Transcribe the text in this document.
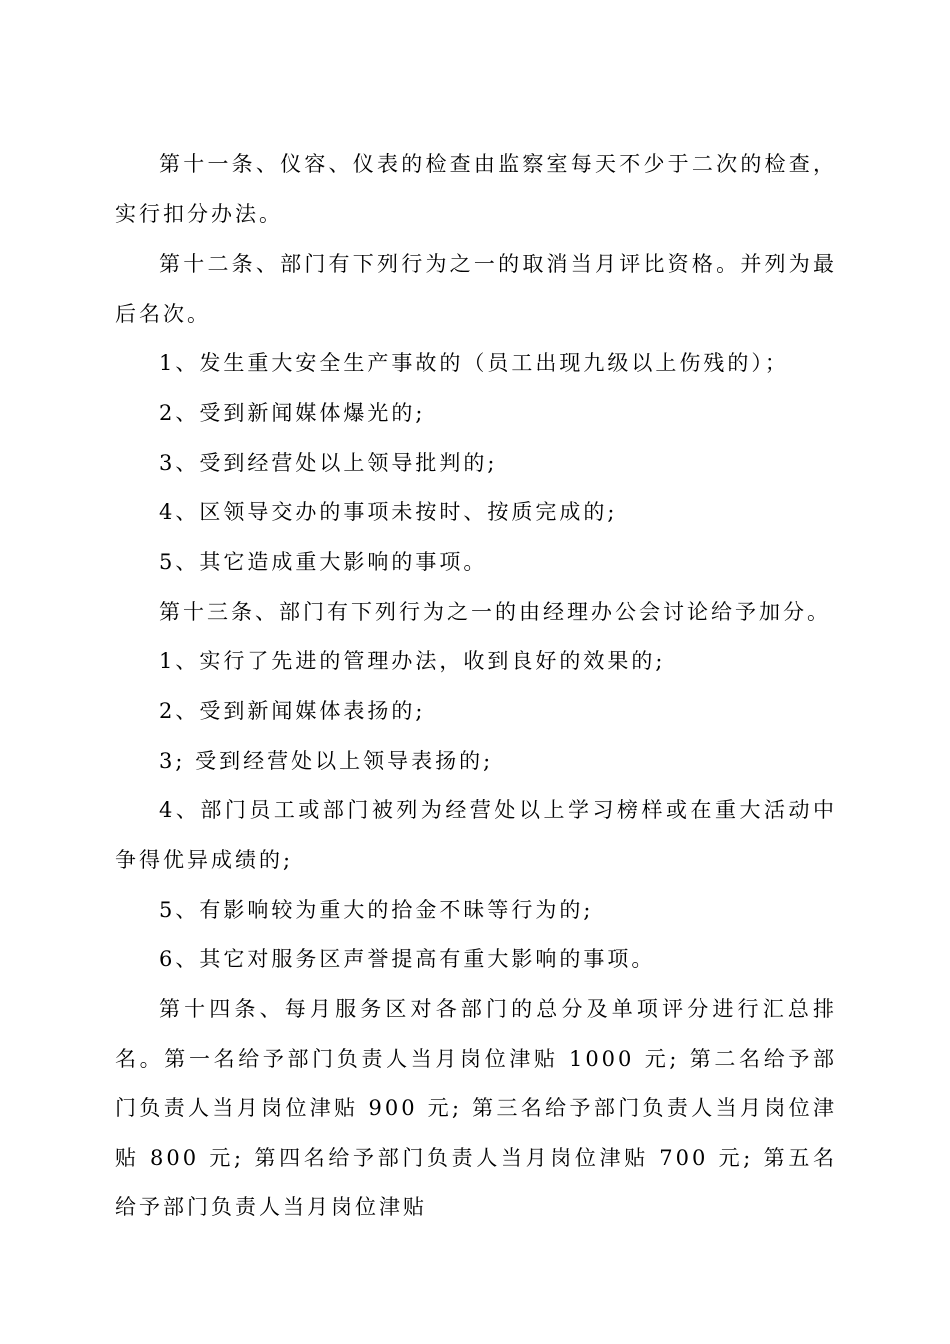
第十一条、仪容、仪表的检查由监察室每天不少于二次的检查，实行扣分办法。

第十二条、部门有下列行为之一的取消当月评比资格。并列为最后名次。

1、发生重大安全生产事故的（员工出现九级以上伤残的）；

2、受到新闻媒体爆光的;

3、受到经营处以上领导批判的;

4、区领导交办的事项未按时、按质完成的;

5、其它造成重大影响的事项。

第十三条、部门有下列行为之一的由经理办公会讨论给予加分。

1、实行了先进的管理办法，收到良好的效果的;

2、受到新闻媒体表扬的;

3; 受到经营处以上领导表扬的;

4、部门员工或部门被列为经营处以上学习榜样或在重大活动中争得优异成绩的;

5、有影响较为重大的拾金不昧等行为的;

6、其它对服务区声誉提高有重大影响的事项。

第十四条、每月服务区对各部门的总分及单项评分进行汇总排名。第一名给予部门负责人当月岗位津贴 1000 元; 第二名给予部门负责人当月岗位津贴 900 元; 第三名给予部门负责人当月岗位津贴 800 元; 第四名给予部门负责人当月岗位津贴 700 元; 第五名给予部门负责人当月岗位津贴
